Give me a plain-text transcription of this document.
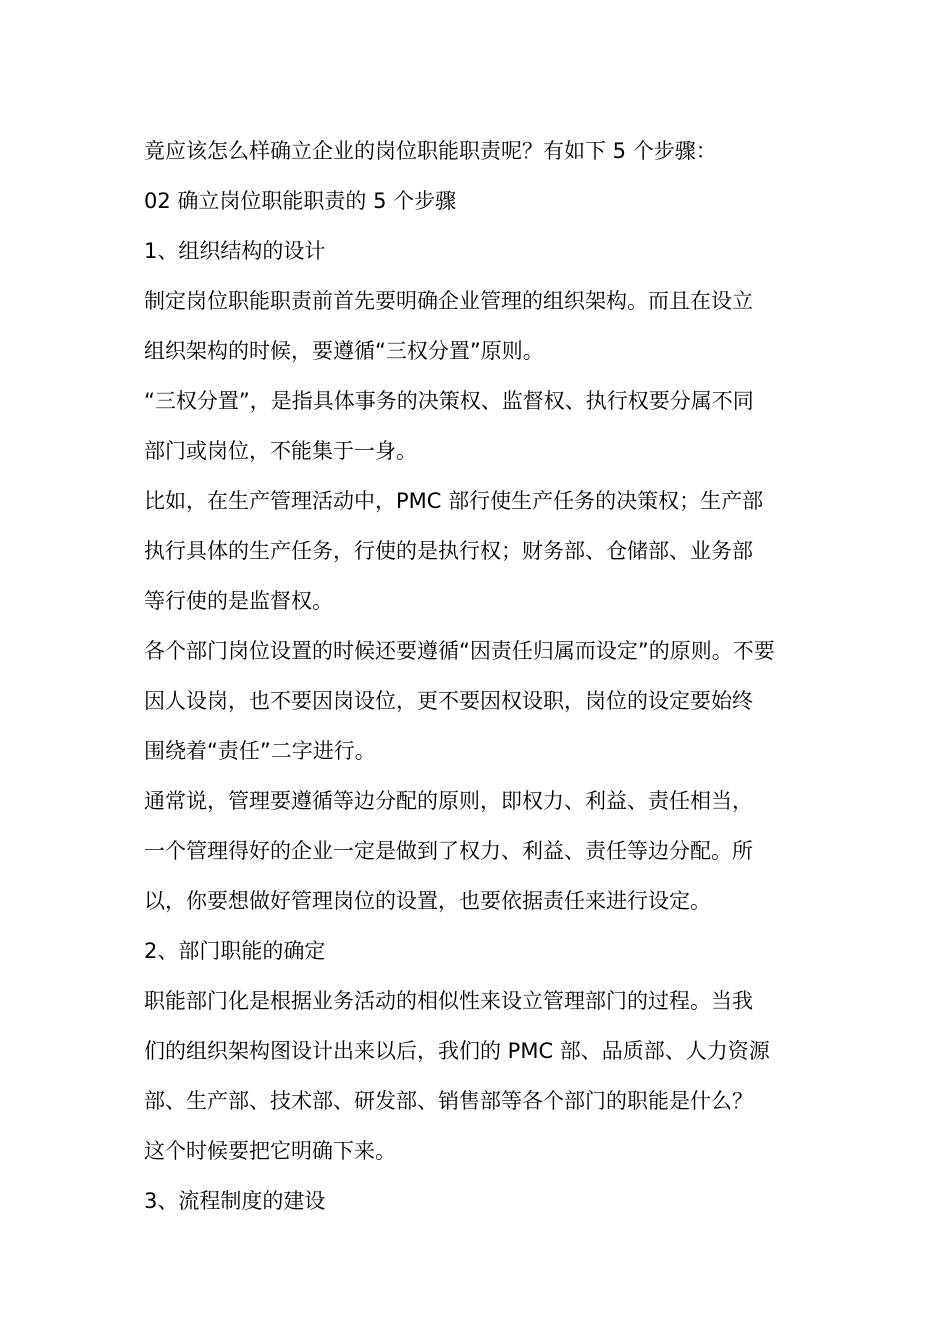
竟应该怎么样确立企业的岗位职能职责呢？有如下 5 个步骤：
02 确立岗位职能职责的 5 个步骤
1、组织结构的设计
制定岗位职能职责前首先要明确企业管理的组织架构。而且在设立
组织架构的时候，要遵循“三权分置”原则。
“三权分置”，是指具体事务的决策权、监督权、执行权要分属不同
部门或岗位，不能集于一身。
比如，在生产管理活动中，PMC 部行使生产任务的决策权；生产部
执行具体的生产任务，行使的是执行权；财务部、仓储部、业务部
等行使的是监督权。
各个部门岗位设置的时候还要遵循“因责任归属而设定”的原则。不要
因人设岗，也不要因岗设位，更不要因权设职，岗位的设定要始终
围绕着“责任”二字进行。
通常说，管理要遵循等边分配的原则，即权力、利益、责任相当，
一个管理得好的企业一定是做到了权力、利益、责任等边分配。所
以，你要想做好管理岗位的设置，也要依据责任来进行设定。
2、部门职能的确定
职能部门化是根据业务活动的相似性来设立管理部门的过程。当我
们的组织架构图设计出来以后，我们的 PMC 部、品质部、人力资源
部、生产部、技术部、研发部、销售部等各个部门的职能是什么？
这个时候要把它明确下来。
3、流程制度的建设
